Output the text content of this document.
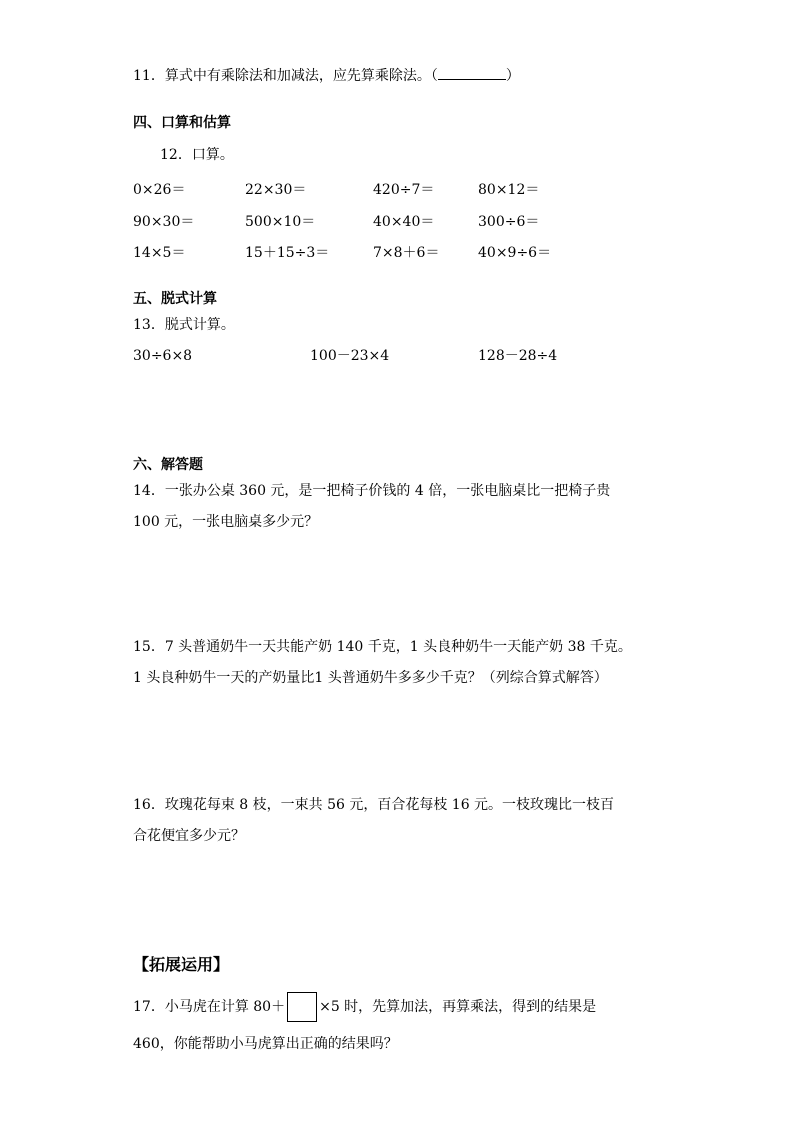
11．算式中有乘除法和加减法，应先算乘除法。（	）
四、口算和估算
12．口算。
0×26＝	22×30＝	420÷7＝	80×12＝
90×30＝	500×10＝	40×40＝	300÷6＝
14×5＝	15＋15÷3＝	7×8＋6＝	40×9÷6＝
五、脱式计算
13．脱式计算。
30÷6×8	100－23×4	128－28÷4
六、解答题
14．一张办公桌 360 元，是一把椅子价钱的 4 倍，一张电脑桌比一把椅子贵
100 元，一张电脑桌多少元？
15．7 头普通奶牛一天共能产奶 140 千克，1 头良种奶牛一天能产奶 38 千克。
1 头良种奶牛一天的产奶量比1 头普通奶牛多多少千克？（列综合算式解答）
16．玫瑰花每束 8 枝，一束共 56 元，百合花每枝 16 元。一枝玫瑰比一枝百
合花便宜多少元？
【拓展运用】
17．小马虎在计算 80＋ ×5 时，先算加法，再算乘法，得到的结果是
460，你能帮助小马虎算出正确的结果吗？
